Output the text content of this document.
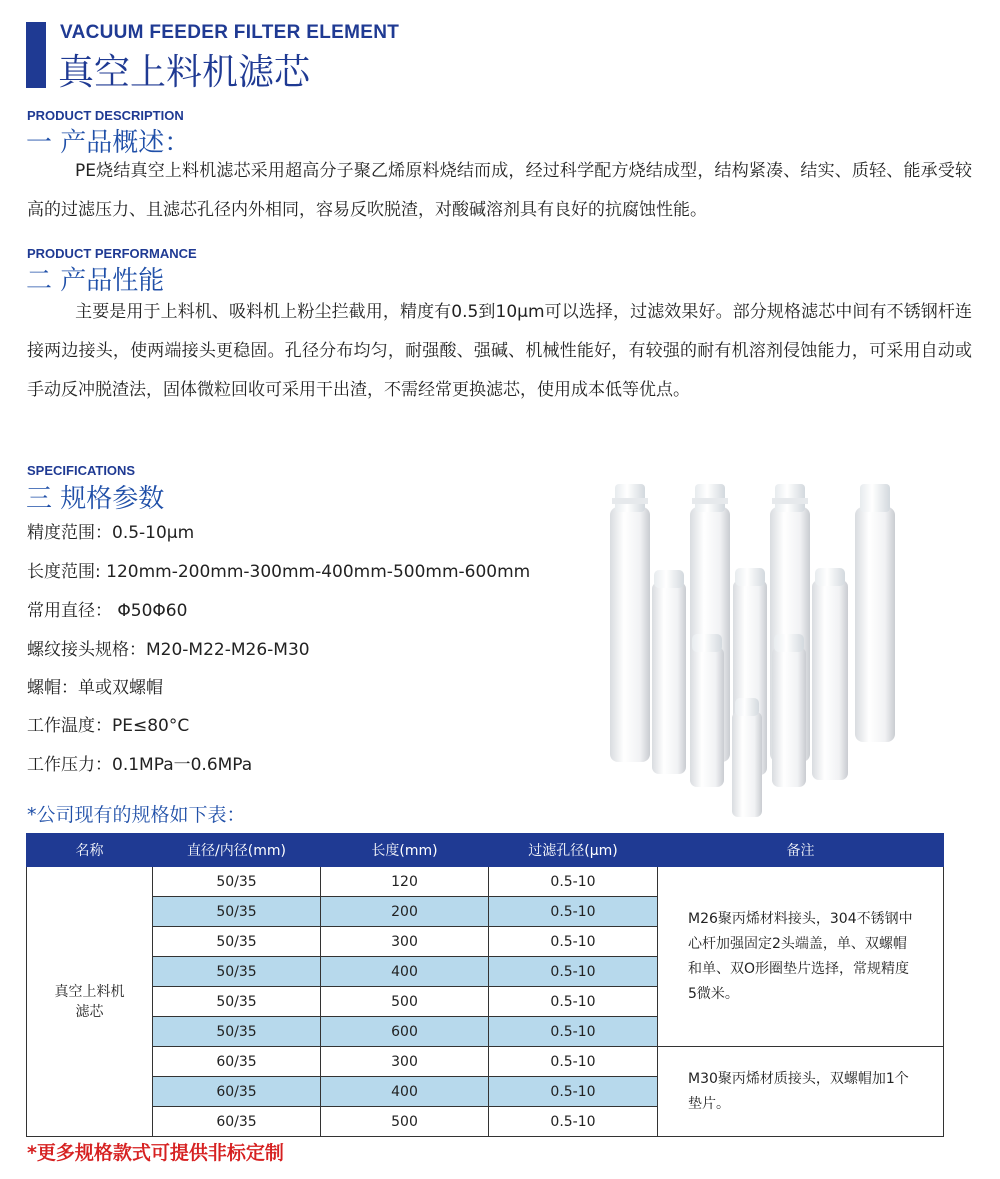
VACUUM FEEDER FILTER ELEMENT
真空上料机滤芯
PRODUCT DESCRIPTION
一 产品概述：
PE烧结真空上料机滤芯采用超高分子聚乙烯原料烧结而成，经过科学配方烧结成型，结构紧凑、结实、质轻、能承受较高的过滤压力、且滤芯孔径内外相同，容易反吹脱渣，对酸碱溶剂具有良好的抗腐蚀性能。
PRODUCT PERFORMANCE
二 产品性能
主要是用于上料机、吸料机上粉尘拦截用，精度有0.5到10μm可以选择，过滤效果好。部分规格滤芯中间有不锈钢杆连接两边接头，使两端接头更稳固。孔径分布均匀，耐强酸、强碱、机械性能好，有较强的耐有机溶剂侵蚀能力，可采用自动或手动反冲脱渣法，固体微粒回收可采用干出渣，不需经常更换滤芯，使用成本低等优点。
SPECIFICATIONS
三 规格参数
精度范围：0.5-10μm
长度范围: 120mm-200mm-300mm-400mm-500mm-600mm
常用直径： Φ50Φ60
螺纹接头规格：M20-M22-M26-M30
螺帽：单或双螺帽
工作温度：PE≤80°C
工作压力：0.1MPa一0.6MPa
*公司现有的规格如下表：
名称	直径/内径(mm)	长度(mm)	过滤孔径(μm)	备注

真空上料机
滤芯	50/35	120	0.5-10	M26聚丙烯材料接头，304不锈钢中心杆加强固定2头端盖，单、双螺帽和单、双O形圈垫片选择，常规精度5微米。
	50/35	200	0.5-10	
	50/35	300	0.5-10	
	50/35	400	0.5-10	
	50/35	500	0.5-10	
	50/35	600	0.5-10	
	60/35	300	0.5-10	M30聚丙烯材质接头，双螺帽加1个垫片。
	60/35	400	0.5-10	
	60/35	500	0.5-10	
*更多规格款式可提供非标定制
